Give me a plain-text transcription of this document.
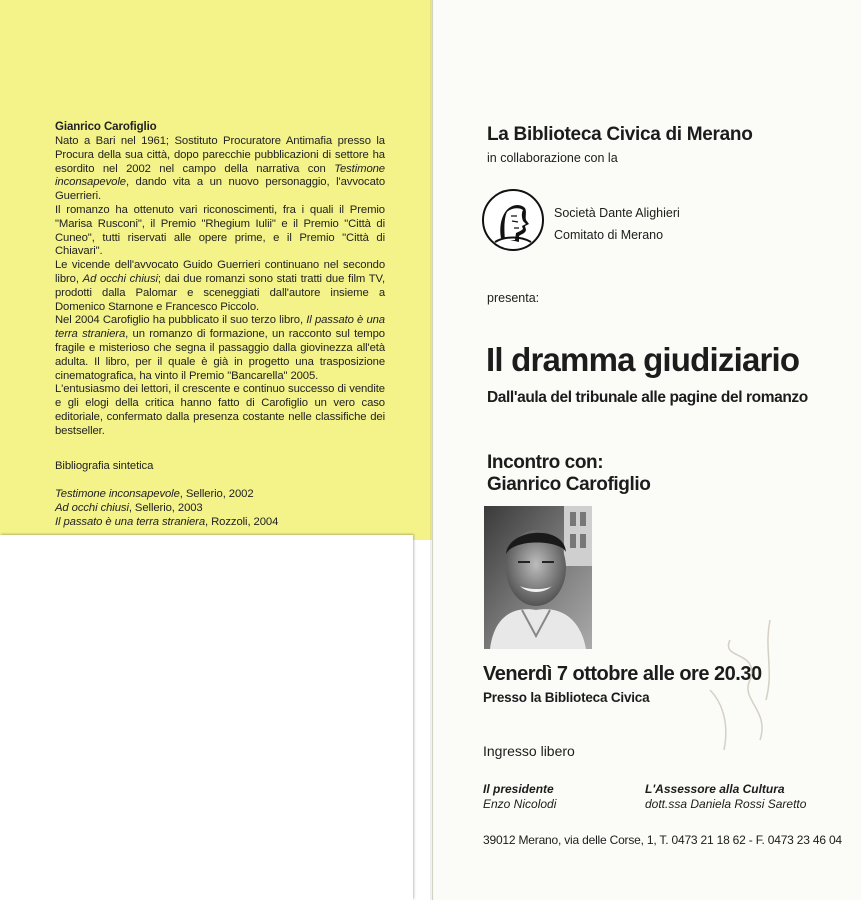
Gianrico Carofiglio

Nato a Bari nel 1961; Sostituto Procuratore Antimafia presso la Procura della sua città, dopo parecchie pubblicazioni di settore ha esordito nel 2002 nel campo della narrativa con Testimone inconsapevole, dando vita a un nuovo personaggio, l'avvocato Guerrieri.

Il romanzo ha ottenuto vari riconoscimenti, fra i quali il Premio "Marisa Rusconi", il Premio "Rhegium Iulii" e il Premio "Città di Cuneo", tutti riservati alle opere prime, e il Premio "Città di Chiavari".

Le vicende dell'avvocato Guido Guerrieri continuano nel secondo libro, Ad occhi chiusi; dai due romanzi sono stati tratti due film TV, prodotti dalla Palomar e sceneggiati dall'autore insieme a Domenico Starnone e Francesco Piccolo.

Nel 2004 Carofiglio ha pubblicato il suo terzo libro, Il passato è una terra straniera, un romanzo di formazione, un racconto sul tempo fragile e misterioso che segna il passaggio dalla giovinezza all'età adulta. Il libro, per il quale è già in progetto una trasposizione cinematografica, ha vinto il Premio "Bancarella" 2005.

L'entusiasmo dei lettori, il crescente e continuo successo di vendite e gli elogi della critica hanno fatto di Carofiglio un vero caso editoriale, confermato dalla presenza costante nelle classifiche dei bestseller.

Bibliografia sintetica
Testimone inconsapevole, Sellerio, 2002
Ad occhi chiusi, Sellerio, 2003
Il passato è una terra straniera, Rozzoli, 2004
La Biblioteca Civica di Merano
in collaborazione con la
Società Dante Alighieri
Comitato di Merano
presenta:
Il dramma giudiziario
Dall'aula del tribunale alle pagine del romanzo
Incontro con:
Gianrico Carofiglio
Venerdì 7 ottobre alle ore 20.30
Presso la Biblioteca Civica
Ingresso libero
Il presidente
Enzo Nicolodi
L'Assessore alla Cultura
dott.ssa Daniela Rossi Saretto
39012 Merano, via delle Corse, 1, T. 0473 21 18 62 - F. 0473 23 46 04
